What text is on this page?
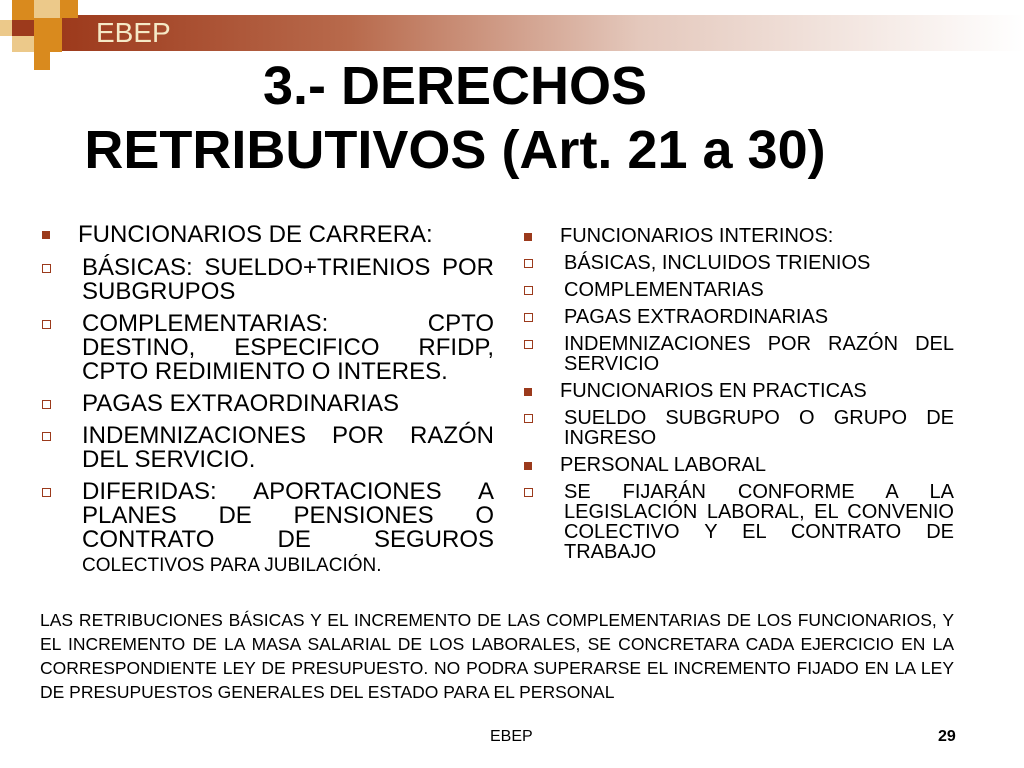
EBEP
3.- DERECHOS
RETRIBUTIVOS (Art. 21 a 30)
FUNCIONARIOS DE CARRERA:
BÁSICAS: SUELDO+TRIENIOS POR SUBGRUPOS
COMPLEMENTARIAS: CPTO DESTINO, ESPECIFICO RFIDP, CPTO REDIMIENTO O INTERES.
PAGAS EXTRAORDINARIAS
INDEMNIZACIONES POR RAZÓN DEL SERVICIO.
DIFERIDAS: APORTACIONES A PLANES DE PENSIONES O CONTRATO DE SEGUROS COLECTIVOS PARA JUBILACIÓN.
FUNCIONARIOS INTERINOS:
BÁSICAS, INCLUIDOS TRIENIOS
COMPLEMENTARIAS
PAGAS EXTRAORDINARIAS
INDEMNIZACIONES POR RAZÓN DEL SERVICIO
FUNCIONARIOS EN PRACTICAS
SUELDO SUBGRUPO O GRUPO DE INGRESO
PERSONAL LABORAL
SE FIJARÁN CONFORME A LA LEGISLACIÓN LABORAL, EL CONVENIO COLECTIVO Y EL CONTRATO DE TRABAJO

LAS RETRIBUCIONES BÁSICAS Y EL INCREMENTO DE LAS COMPLEMENTARIAS DE LOS FUNCIONARIOS, Y EL INCREMENTO DE LA MASA SALARIAL DE LOS LABORALES, SE CONCRETARA CADA EJERCICIO EN LA CORRESPONDIENTE LEY DE PRESUPUESTO. NO PODRA SUPERARSE EL INCREMENTO FIJADO EN LA LEY DE PRESUPUESTOS GENERALES DEL ESTADO PARA EL PERSONAL

EBEP	29
